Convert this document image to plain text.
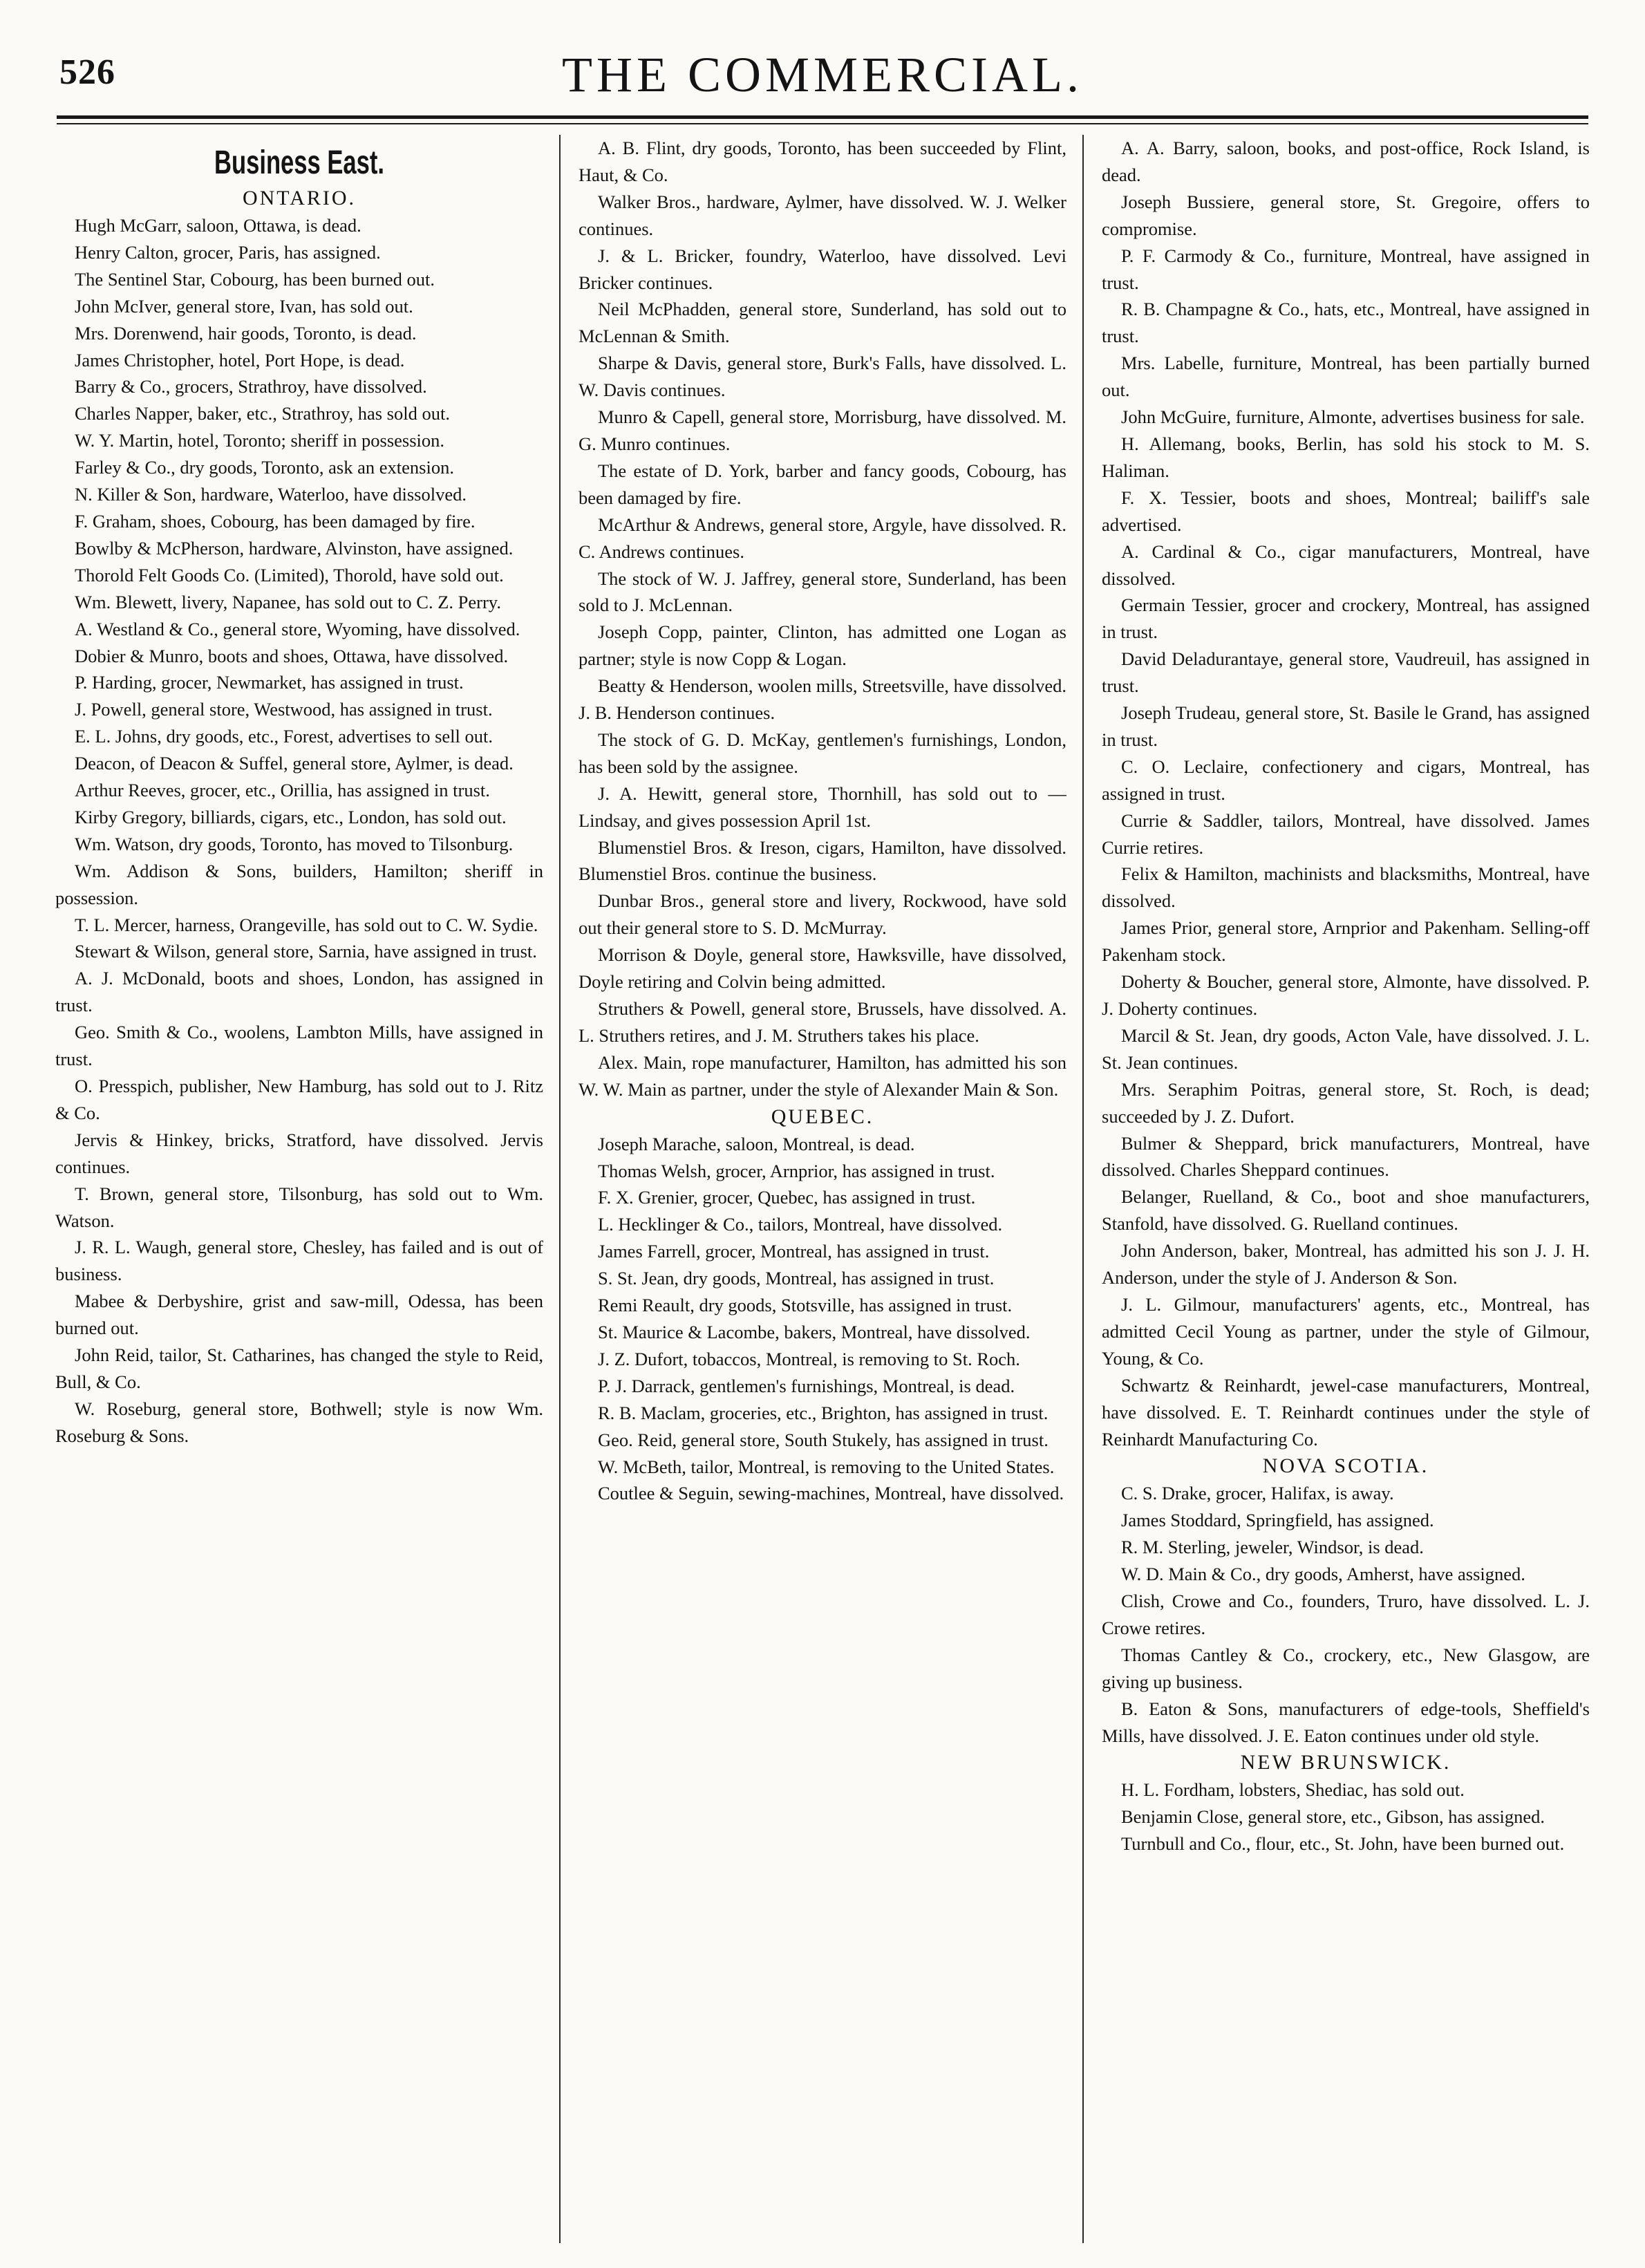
526	THE COMMERCIAL.
Business East.

ONTARIO.

Hugh McGarr, saloon, Ottawa, is dead.

Henry Calton, grocer, Paris, has assigned.

The Sentinel Star, Cobourg, has been burned out.

John McIver, general store, Ivan, has sold out.

Mrs. Dorenwend, hair goods, Toronto, is dead.

James Christopher, hotel, Port Hope, is dead.

Barry & Co., grocers, Strathroy, have dissolved.

Charles Napper, baker, etc., Strathroy, has sold out.

W. Y. Martin, hotel, Toronto; sheriff in possession.

Farley & Co., dry goods, Toronto, ask an extension.

N. Killer & Son, hardware, Waterloo, have dissolved.

F. Graham, shoes, Cobourg, has been damaged by fire.

Bowlby & McPherson, hardware, Alvinston, have assigned.

Thorold Felt Goods Co. (Limited), Thorold, have sold out.

Wm. Blewett, livery, Napanee, has sold out to C. Z. Perry.

A. Westland & Co., general store, Wyoming, have dissolved.

Dobier & Munro, boots and shoes, Ottawa, have dissolved.

P. Harding, grocer, Newmarket, has assigned in trust.

J. Powell, general store, Westwood, has assigned in trust.

E. L. Johns, dry goods, etc., Forest, advertises to sell out.

Deacon, of Deacon & Suffel, general store, Aylmer, is dead.

Arthur Reeves, grocer, etc., Orillia, has assigned in trust.

Kirby Gregory, billiards, cigars, etc., London, has sold out.

Wm. Watson, dry goods, Toronto, has moved to Tilsonburg.

Wm. Addison & Sons, builders, Hamilton; sheriff in possession.

T. L. Mercer, harness, Orangeville, has sold out to C. W. Sydie.

Stewart & Wilson, general store, Sarnia, have assigned in trust.

A. J. McDonald, boots and shoes, London, has assigned in trust.

Geo. Smith & Co., woolens, Lambton Mills, have assigned in trust.

O. Presspich, publisher, New Hamburg, has sold out to J. Ritz & Co.

Jervis & Hinkey, bricks, Stratford, have dissolved. Jervis continues.

T. Brown, general store, Tilsonburg, has sold out to Wm. Watson.

J. R. L. Waugh, general store, Chesley, has failed and is out of business.

Mabee & Derbyshire, grist and saw-mill, Odessa, has been burned out.

John Reid, tailor, St. Catharines, has changed the style to Reid, Bull, & Co.

W. Roseburg, general store, Bothwell; style is now Wm. Roseburg & Sons.

A. B. Flint, dry goods, Toronto, has been succeeded by Flint, Haut, & Co.

Walker Bros., hardware, Aylmer, have dissolved. W. J. Welker continues.

J. & L. Bricker, foundry, Waterloo, have dissolved. Levi Bricker continues.

Neil McPhadden, general store, Sunderland, has sold out to McLennan & Smith.

Sharpe & Davis, general store, Burk's Falls, have dissolved. L. W. Davis continues.

Munro & Capell, general store, Morrisburg, have dissolved. M. G. Munro continues.

The estate of D. York, barber and fancy goods, Cobourg, has been damaged by fire.

McArthur & Andrews, general store, Argyle, have dissolved. R. C. Andrews continues.

The stock of W. J. Jaffrey, general store, Sunderland, has been sold to J. McLennan.

Joseph Copp, painter, Clinton, has admitted one Logan as partner; style is now Copp & Logan.

Beatty & Henderson, woolen mills, Streetsville, have dissolved. J. B. Henderson continues.

The stock of G. D. McKay, gentlemen's furnishings, London, has been sold by the assignee.

J. A. Hewitt, general store, Thornhill, has sold out to — Lindsay, and gives possession April 1st.

Blumenstiel Bros. & Ireson, cigars, Hamilton, have dissolved. Blumenstiel Bros. continue the business.

Dunbar Bros., general store and livery, Rockwood, have sold out their general store to S. D. McMurray.

Morrison & Doyle, general store, Hawksville, have dissolved, Doyle retiring and Colvin being admitted.

Struthers & Powell, general store, Brussels, have dissolved. A. L. Struthers retires, and J. M. Struthers takes his place.

Alex. Main, rope manufacturer, Hamilton, has admitted his son W. W. Main as partner, under the style of Alexander Main & Son.

QUEBEC.

Joseph Marache, saloon, Montreal, is dead.

Thomas Welsh, grocer, Arnprior, has assigned in trust.

F. X. Grenier, grocer, Quebec, has assigned in trust.

L. Hecklinger & Co., tailors, Montreal, have dissolved.

James Farrell, grocer, Montreal, has assigned in trust.

S. St. Jean, dry goods, Montreal, has assigned in trust.

Remi Reault, dry goods, Stotsville, has assigned in trust.

St. Maurice & Lacombe, bakers, Montreal, have dissolved.

J. Z. Dufort, tobaccos, Montreal, is removing to St. Roch.

P. J. Darrack, gentlemen's furnishings, Montreal, is dead.

R. B. Maclam, groceries, etc., Brighton, has assigned in trust.

Geo. Reid, general store, South Stukely, has assigned in trust.

W. McBeth, tailor, Montreal, is removing to the United States.

Coutlee & Seguin, sewing-machines, Montreal, have dissolved.

A. A. Barry, saloon, books, and post-office, Rock Island, is dead.

Joseph Bussiere, general store, St. Gregoire, offers to compromise.

P. F. Carmody & Co., furniture, Montreal, have assigned in trust.

R. B. Champagne & Co., hats, etc., Montreal, have assigned in trust.

Mrs. Labelle, furniture, Montreal, has been partially burned out.

John McGuire, furniture, Almonte, advertises business for sale.

H. Allemang, books, Berlin, has sold his stock to M. S. Haliman.

F. X. Tessier, boots and shoes, Montreal; bailiff's sale advertised.

A. Cardinal & Co., cigar manufacturers, Montreal, have dissolved.

Germain Tessier, grocer and crockery, Montreal, has assigned in trust.

David Deladurantaye, general store, Vaudreuil, has assigned in trust.

Joseph Trudeau, general store, St. Basile le Grand, has assigned in trust.

C. O. Leclaire, confectionery and cigars, Montreal, has assigned in trust.

Currie & Saddler, tailors, Montreal, have dissolved. James Currie retires.

Felix & Hamilton, machinists and blacksmiths, Montreal, have dissolved.

James Prior, general store, Arnprior and Pakenham. Selling-off Pakenham stock.

Doherty & Boucher, general store, Almonte, have dissolved. P. J. Doherty continues.

Marcil & St. Jean, dry goods, Acton Vale, have dissolved. J. L. St. Jean continues.

Mrs. Seraphim Poitras, general store, St. Roch, is dead; succeeded by J. Z. Dufort.

Bulmer & Sheppard, brick manufacturers, Montreal, have dissolved. Charles Sheppard continues.

Belanger, Ruelland, & Co., boot and shoe manufacturers, Stanfold, have dissolved. G. Ruelland continues.

John Anderson, baker, Montreal, has admitted his son J. J. H. Anderson, under the style of J. Anderson & Son.

J. L. Gilmour, manufacturers' agents, etc., Montreal, has admitted Cecil Young as partner, under the style of Gilmour, Young, & Co.

Schwartz & Reinhardt, jewel-case manufacturers, Montreal, have dissolved. E. T. Reinhardt continues under the style of Reinhardt Manufacturing Co.

NOVA SCOTIA.

C. S. Drake, grocer, Halifax, is away.

James Stoddard, Springfield, has assigned.

R. M. Sterling, jeweler, Windsor, is dead.

W. D. Main & Co., dry goods, Amherst, have assigned.

Clish, Crowe and Co., founders, Truro, have dissolved. L. J. Crowe retires.

Thomas Cantley & Co., crockery, etc., New Glasgow, are giving up business.

B. Eaton & Sons, manufacturers of edge-tools, Sheffield's Mills, have dissolved. J. E. Eaton continues under old style.

NEW BRUNSWICK.

H. L. Fordham, lobsters, Shediac, has sold out.

Benjamin Close, general store, etc., Gibson, has assigned.

Turnbull and Co., flour, etc., St. John, have been burned out.
